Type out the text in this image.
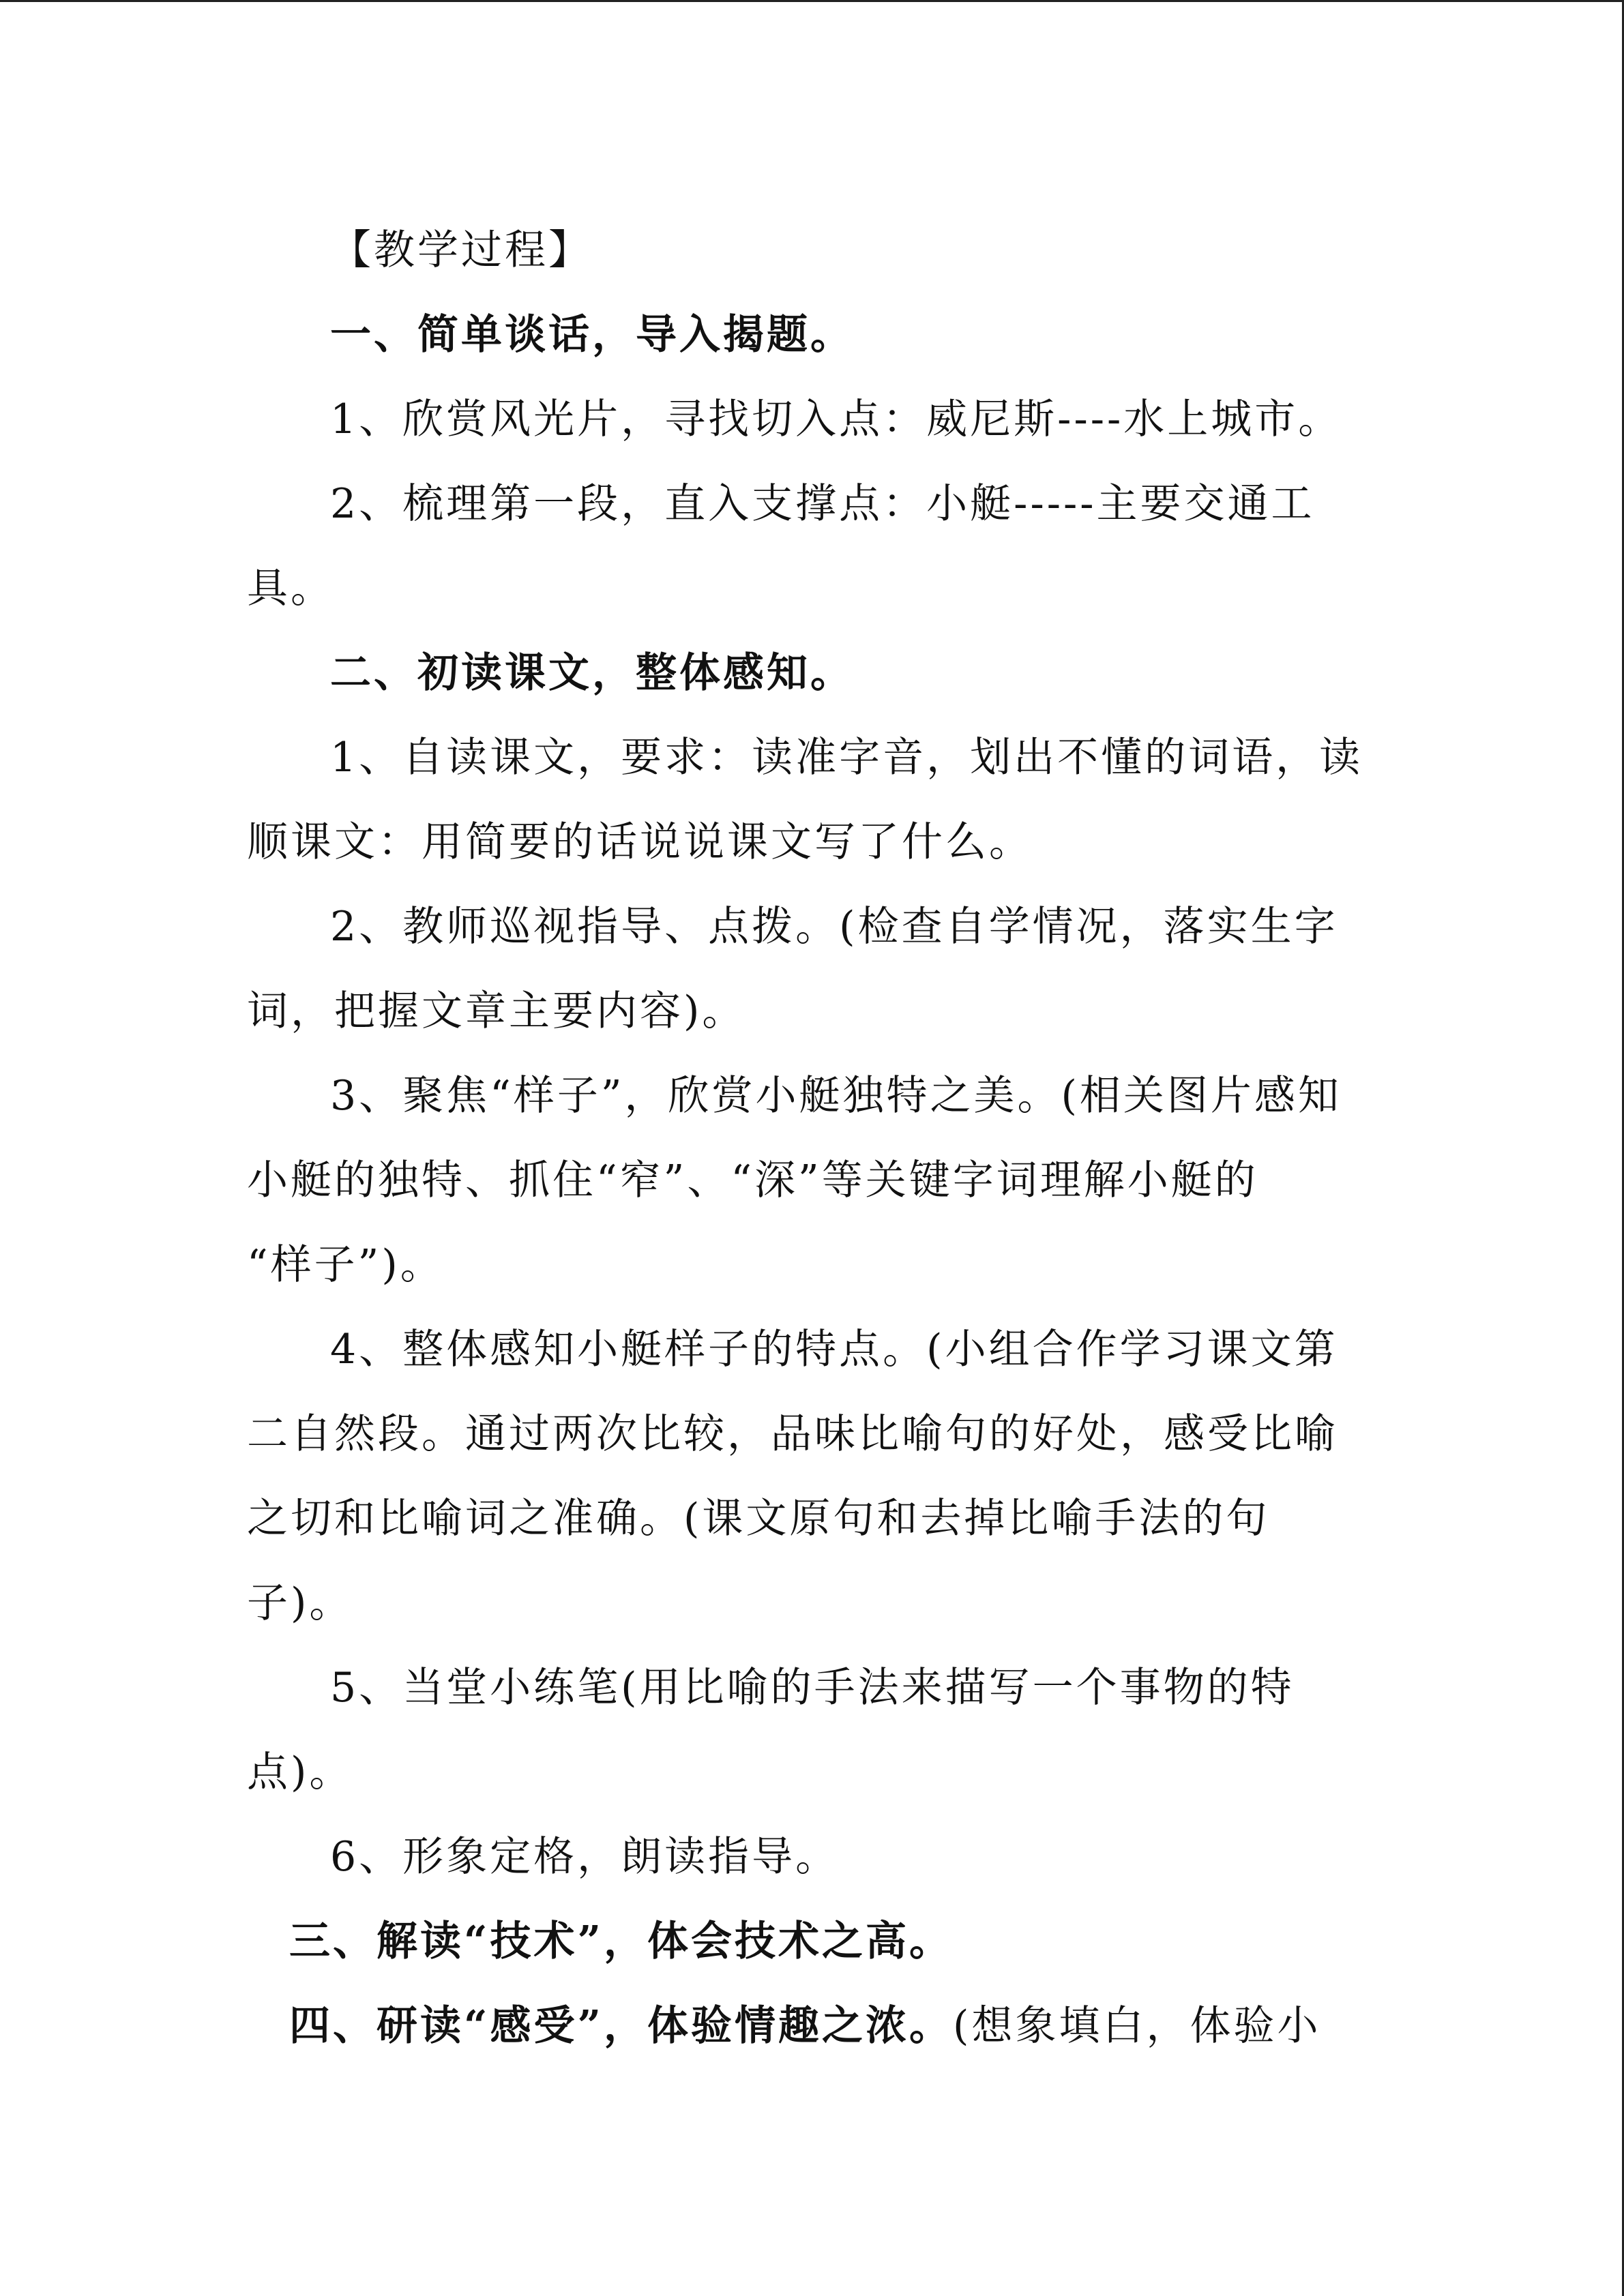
【教学过程】
一、简单谈话，导入揭题。
1、欣赏风光片，寻找切入点：威尼斯----水上城市。
2、梳理第一段，直入支撑点：小艇-----主要交通工
具。
二、初读课文，整体感知。
1、自读课文，要求：读准字音，划出不懂的词语，读
顺课文：用简要的话说说课文写了什么。
2、教师巡视指导、点拨。(检查自学情况，落实生字
词，把握文章主要内容)。
3、聚焦“样子”，欣赏小艇独特之美。(相关图片感知
小艇的独特、抓住“窄”、“深”等关键字词理解小艇的
“样子”)。
4、整体感知小艇样子的特点。(小组合作学习课文第
二自然段。通过两次比较，品味比喻句的好处，感受比喻
之切和比喻词之准确。(课文原句和去掉比喻手法的句
子)。
5、当堂小练笔(用比喻的手法来描写一个事物的特
点)。
6、形象定格，朗读指导。
三、解读“技术”，体会技术之高。
四、研读“感受”，体验情趣之浓。(想象填白，体验小
